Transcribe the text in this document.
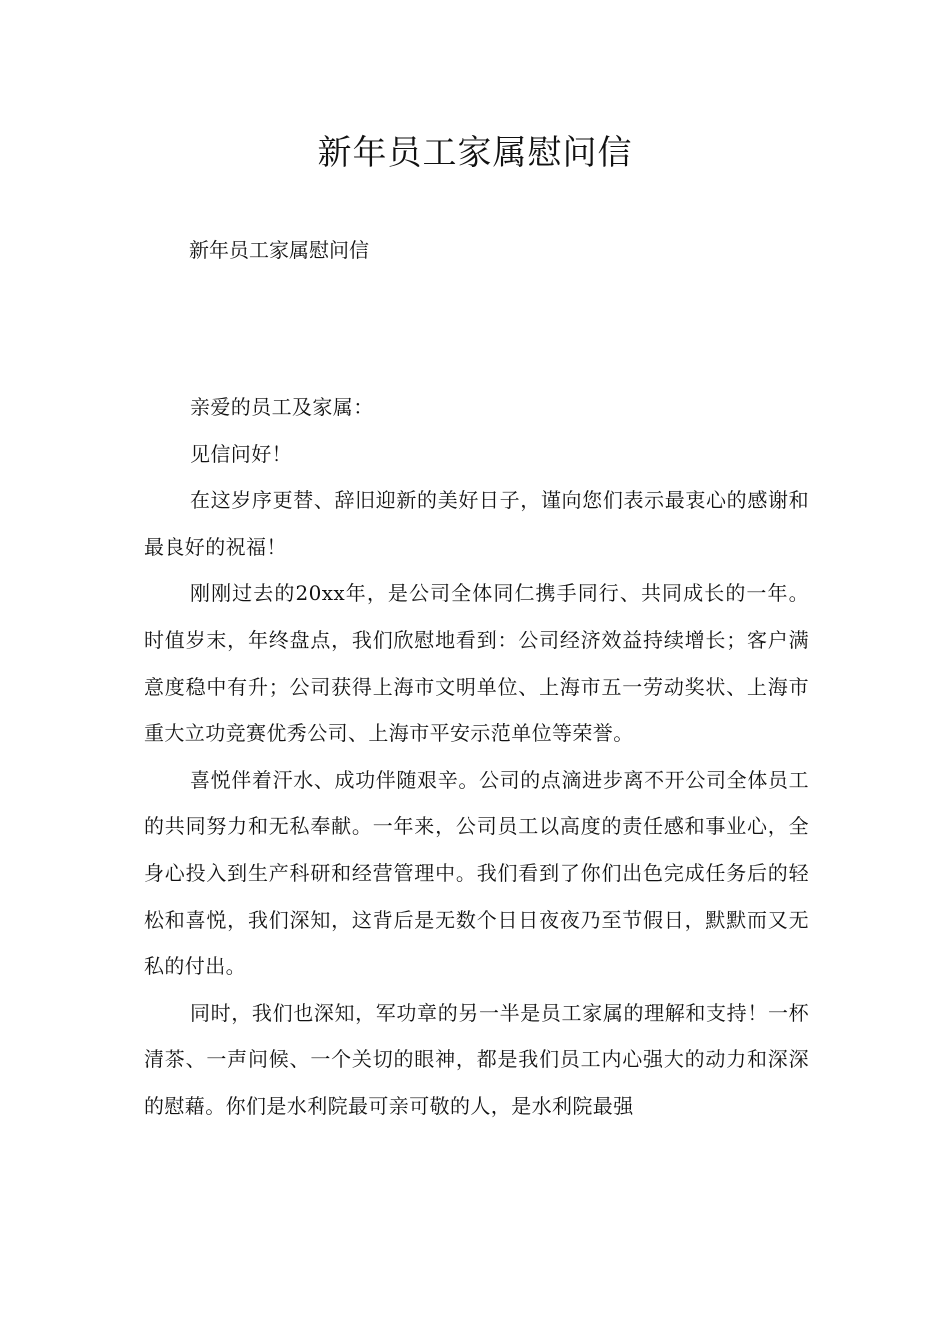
新年员工家属慰问信

新年员工家属慰问信

亲爱的员工及家属：

见信问好！

在这岁序更替、辞旧迎新的美好日子，谨向您们表示最衷心的感谢和最良好的祝福！

刚刚过去的20xx年，是公司全体同仁携手同行、共同成长的一年。时值岁末，年终盘点，我们欣慰地看到：公司经济效益持续增长；客户满意度稳中有升；公司获得上海市文明单位、上海市五一劳动奖状、上海市重大立功竞赛优秀公司、上海市平安示范单位等荣誉。

喜悦伴着汗水、成功伴随艰辛。公司的点滴进步离不开公司全体员工的共同努力和无私奉献。一年来，公司员工以高度的责任感和事业心，全身心投入到生产科研和经营管理中。我们看到了你们出色完成任务后的轻松和喜悦，我们深知，这背后是无数个日日夜夜乃至节假日，默默而又无私的付出。

同时，我们也深知，军功章的另一半是员工家属的理解和支持！一杯清茶、一声问候、一个关切的眼神，都是我们员工内心强大的动力和深深的慰藉。你们是水利院最可亲可敬的人，是水利院最强
